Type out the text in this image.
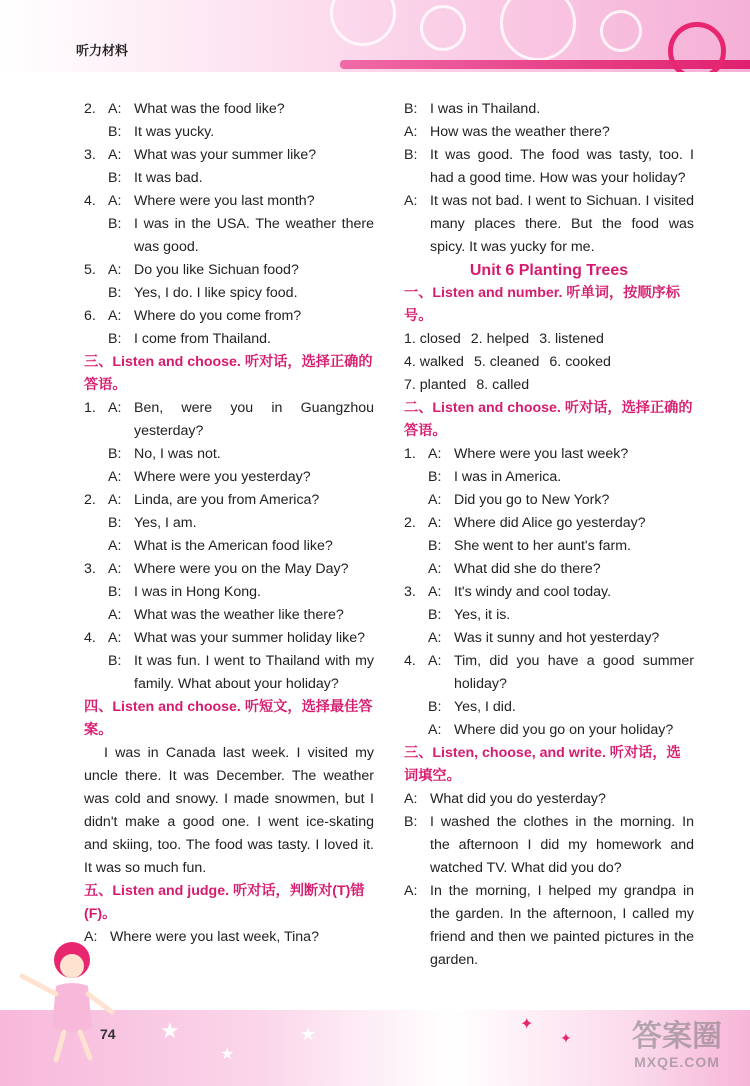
听力材料
2. A: What was the food like?
B: It was yucky.
3. A: What was your summer like?
B: It was bad.
4. A: Where were you last month?
B: I was in the USA. The weather there was good.
5. A: Do you like Sichuan food?
B: Yes, I do. I like spicy food.
6. A: Where do you come from?
B: I come from Thailand.
三、Listen and choose. 听对话，选择正确的答语。
1. A: Ben, were you in Guangzhou yesterday?
B: No, I was not.
A: Where were you yesterday?
2. A: Linda, are you from America?
B: Yes, I am.
A: What is the American food like?
3. A: Where were you on the May Day?
B: I was in Hong Kong.
A: What was the weather like there?
4. A: What was your summer holiday like?
B: It was fun. I went to Thailand with my family. What about your holiday?
四、Listen and choose. 听短文，选择最佳答案。
I was in Canada last week. I visited my uncle there. It was December. The weather was cold and snowy. I made snowmen, but I didn't make a good one. I went ice-skating and skiing, too. The food was tasty. I loved it. It was so much fun.
五、Listen and judge. 听对话，判断对(T)错(F)。
A: Where were you last week, Tina?
B: I was in Thailand.
A: How was the weather there?
B: It was good. The food was tasty, too. I had a good time. How was your holiday?
A: It was not bad. I went to Sichuan. I visited many places there. But the food was spicy. It was yucky for me.
Unit 6 Planting Trees
一、Listen and number. 听单词，按顺序标号。
1. closed 2. helped 3. listened
4. walked 5. cleaned 6. cooked
7. planted 8. called
二、Listen and choose. 听对话，选择正确的答语。
1. A: Where were you last week?
B: I was in America.
A: Did you go to New York?
2. A: Where did Alice go yesterday?
B: She went to her aunt's farm.
A: What did she do there?
3. A: It's windy and cool today.
B: Yes, it is.
A: Was it sunny and hot yesterday?
4. A: Tim, did you have a good summer holiday?
B: Yes, I did.
A: Where did you go on your holiday?
三、Listen, choose, and write. 听对话，选词填空。
A: What did you do yesterday?
B: I washed the clothes in the morning. In the afternoon I did my homework and watched TV. What did you do?
A: In the morning, I helped my grandpa in the garden. In the afternoon, I called my friend and then we painted pictures in the garden.
★
★
★	✦
✦
74	答案圈
MXQE.COM
